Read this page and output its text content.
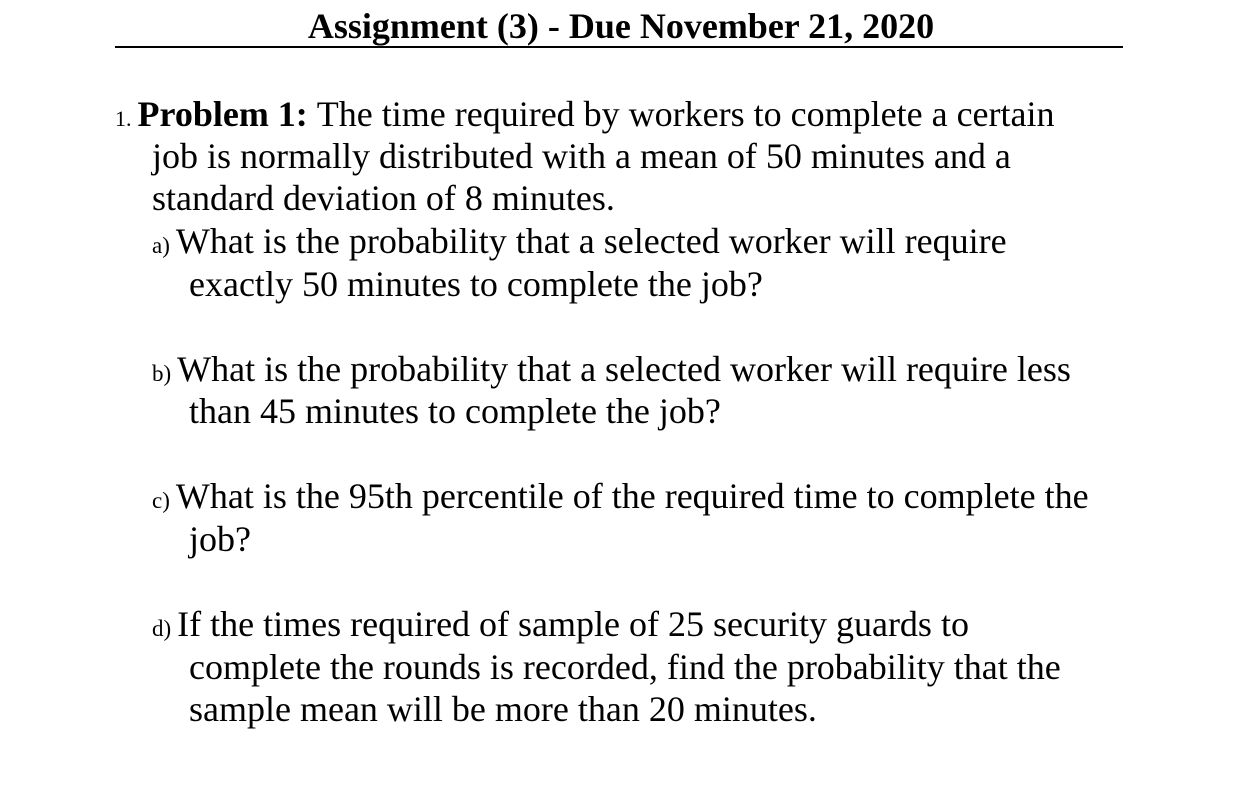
Assignment (3) - Due November 21, 2020
1. Problem 1: The time required by workers to complete a certain
job is normally distributed with a mean of 50 minutes and a
standard deviation of 8 minutes.
a) What is the probability that a selected worker will require
exactly 50 minutes to complete the job?
b) What is the probability that a selected worker will require less
than 45 minutes to complete the job?
c) What is the 95th percentile of the required time to complete the
job?
d) If the times required of sample of 25 security guards to
complete the rounds is recorded, find the probability that the
sample mean will be more than 20 minutes.
